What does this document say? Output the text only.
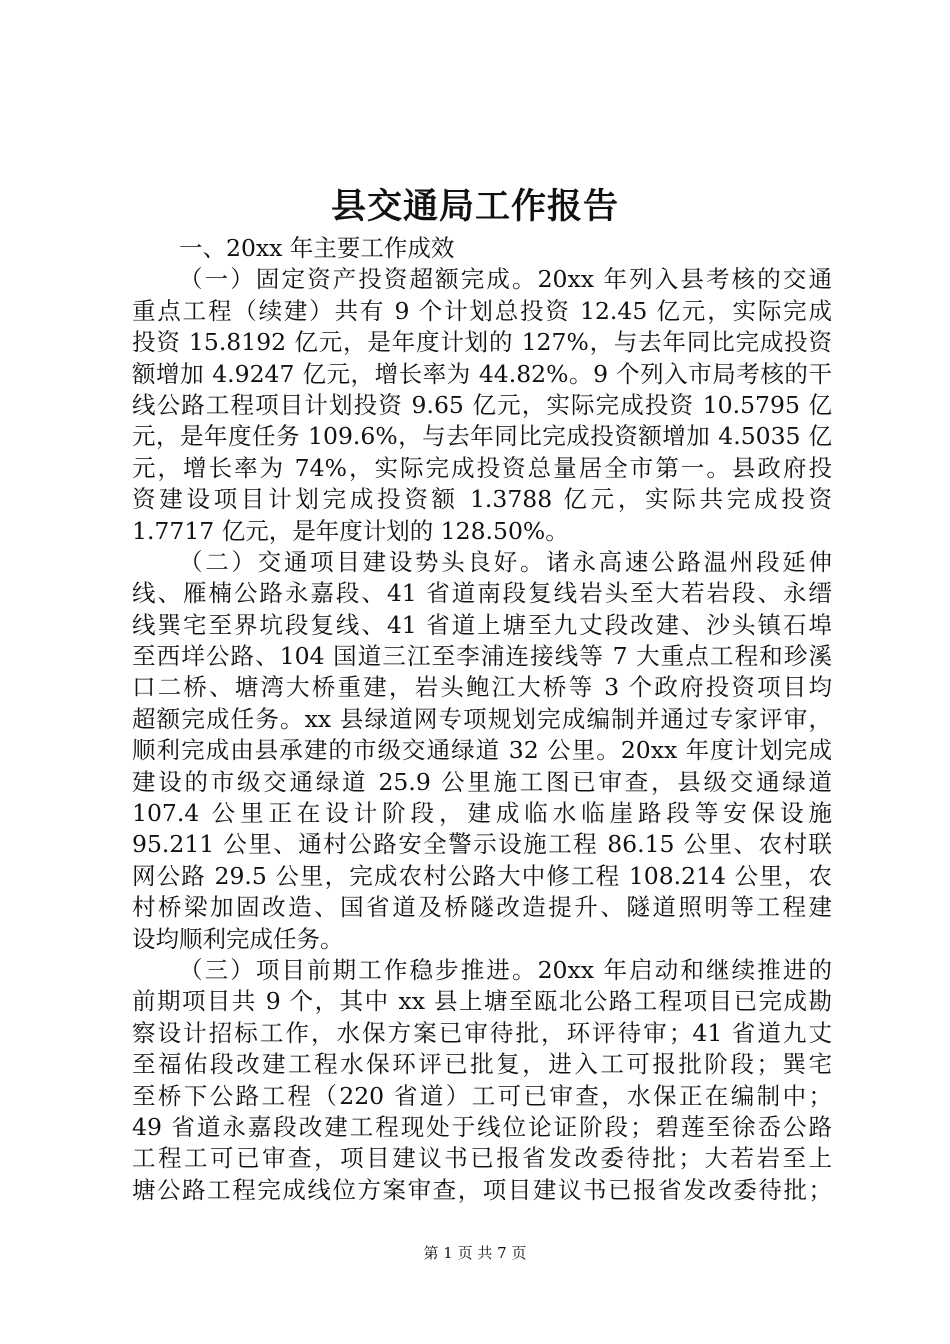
县交通局工作报告
一、20xx 年主要工作成效
（一）固定资产投资超额完成。20xx 年列入县考核的交通
重点工程（续建）共有 9 个计划总投资 12.45 亿元，实际完成
投资 15.8192 亿元，是年度计划的 127%，与去年同比完成投资
额增加 4.9247 亿元，增长率为 44.82%。9 个列入市局考核的干
线公路工程项目计划投资 9.65 亿元，实际完成投资 10.5795 亿
元，是年度任务 109.6%，与去年同比完成投资额增加 4.5035 亿
元，增长率为 74%，实际完成投资总量居全市第一。县政府投
资建设项目计划完成投资额 1.3788 亿元，实际共完成投资
1.7717 亿元，是年度计划的 128.50%。
（二）交通项目建设势头良好。诸永高速公路温州段延伸
线、雁楠公路永嘉段、41 省道南段复线岩头至大若岩段、永缙
线巽宅至界坑段复线、41 省道上塘至九丈段改建、沙头镇石埠
至西垟公路、104 国道三江至李浦连接线等 7 大重点工程和珍溪
口二桥、塘湾大桥重建，岩头鲍江大桥等 3 个政府投资项目均
超额完成任务。xx 县绿道网专项规划完成编制并通过专家评审，
顺利完成由县承建的市级交通绿道 32 公里。20xx 年度计划完成
建设的市级交通绿道 25.9 公里施工图已审查，县级交通绿道
107.4 公里正在设计阶段，建成临水临崖路段等安保设施
95.211 公里、通村公路安全警示设施工程 86.15 公里、农村联
网公路 29.5 公里，完成农村公路大中修工程 108.214 公里，农
村桥梁加固改造、国省道及桥隧改造提升、隧道照明等工程建
设均顺利完成任务。
（三）项目前期工作稳步推进。20xx 年启动和继续推进的
前期项目共 9 个，其中 xx 县上塘至瓯北公路工程项目已完成勘
察设计招标工作，水保方案已审待批，环评待审；41 省道九丈
至福佑段改建工程水保环评已批复，进入工可报批阶段；巽宅
至桥下公路工程（220 省道）工可已审查，水保正在编制中；
49 省道永嘉段改建工程现处于线位论证阶段；碧莲至徐岙公路
工程工可已审查，项目建议书已报省发改委待批；大若岩至上
塘公路工程完成线位方案审查，项目建议书已报省发改委待批；
第 1 页 共 7 页
